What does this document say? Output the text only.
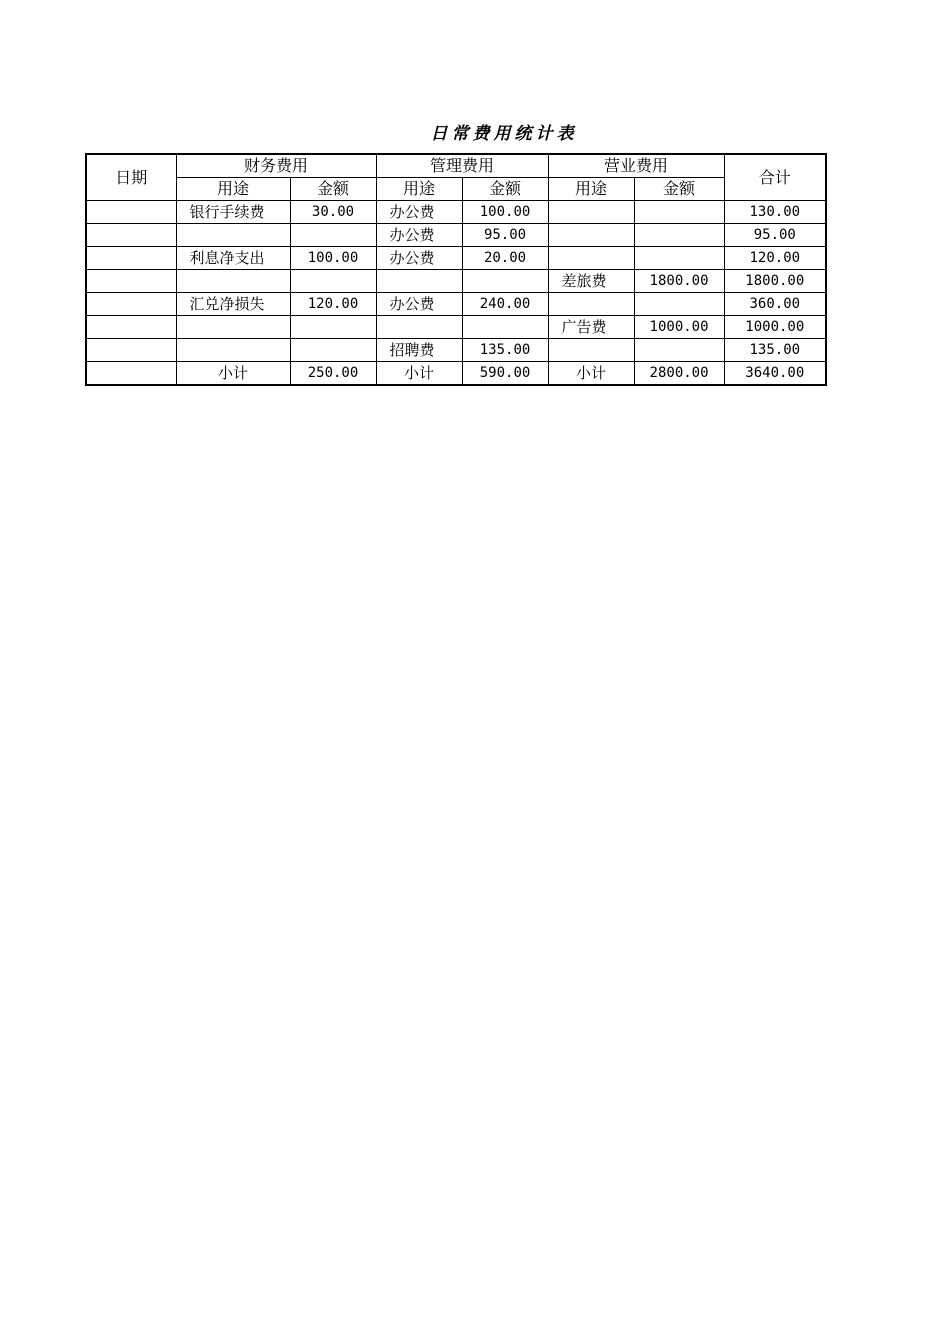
日常费用统计表
日期	财务费用		管理费用		营业费用		合计
	用途	金额	用途	金额	用途	金额	
	银行手续费	30.00	办公费	100.00			130.00
			办公费	95.00			95.00
	利息净支出	100.00	办公费	20.00			120.00
					差旅费	1800.00	1800.00
	汇兑净损失	120.00	办公费	240.00			360.00
					广告费	1000.00	1000.00
			招聘费	135.00			135.00
	小计	250.00	小计	590.00	小计	2800.00	3640.00
